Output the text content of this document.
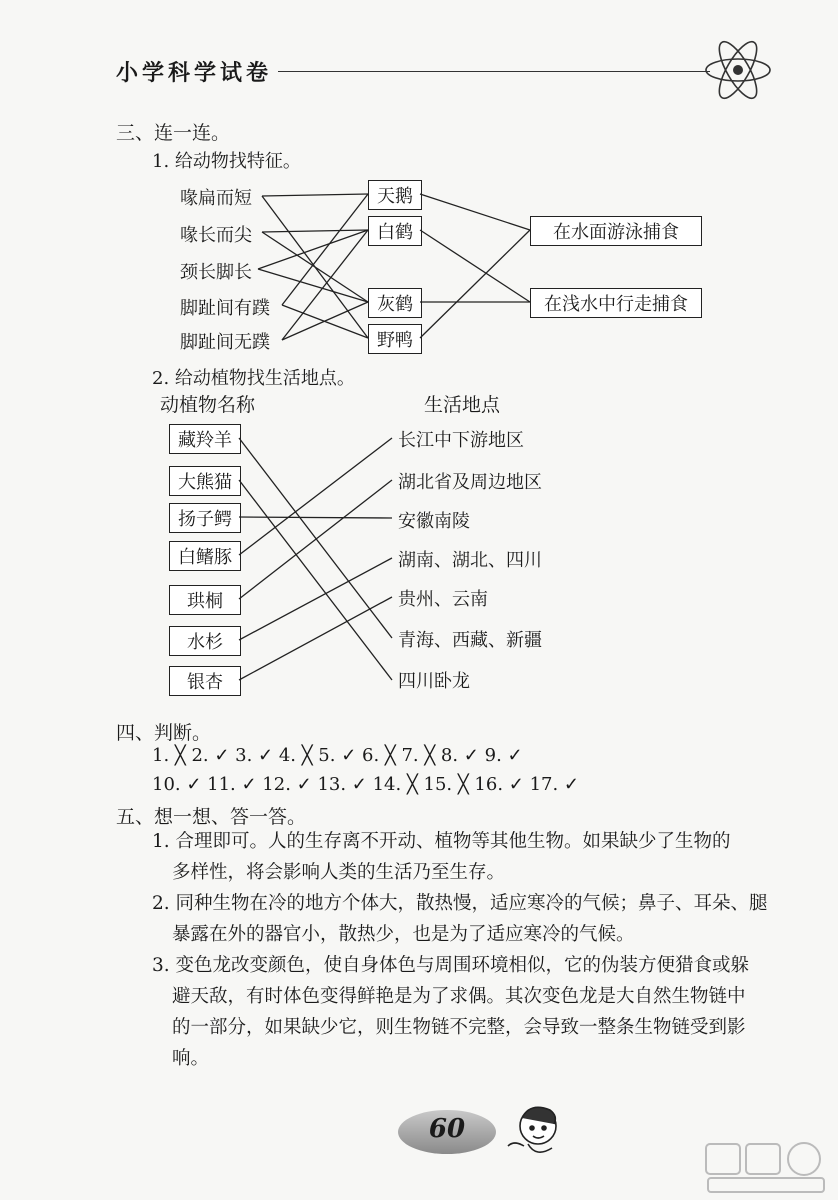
小学科学试卷
三、连一连。
1. 给动物找特征。
喙扁而短
喙长而尖
颈长脚长
脚趾间有蹼
脚趾间无蹼
天鹅
白鹤
灰鹤
野鸭
在水面游泳捕食
在浅水中行走捕食
2. 给动植物找生活地点。
动植物名称	生活地点
藏羚羊
大熊猫
扬子鳄
白鳍豚
珙桐
水杉
银杏
长江中下游地区
湖北省及周边地区
安徽南陵
湖南、湖北、四川
贵州、云南
青海、西藏、新疆
四川卧龙
四、判断。
1. ╳ 2. ✓ 3. ✓ 4. ╳ 5. ✓ 6. ╳ 7. ╳ 8. ✓ 9. ✓
10. ✓ 11. ✓ 12. ✓ 13. ✓ 14. ╳ 15. ╳ 16. ✓ 17. ✓
五、想一想、答一答。
1. 合理即可。人的生存离不开动、植物等其他生物。如果缺少了生物的
多样性，将会影响人类的生活乃至生存。
2. 同种生物在冷的地方个体大，散热慢，适应寒冷的气候；鼻子、耳朵、腿
暴露在外的器官小，散热少，也是为了适应寒冷的气候。
3. 变色龙改变颜色，使自身体色与周围环境相似，它的伪装方便猎食或躲
避天敌，有时体色变得鲜艳是为了求偶。其次变色龙是大自然生物链中
的一部分，如果缺少它，则生物链不完整，会导致一整条生物链受到影
响。
60
